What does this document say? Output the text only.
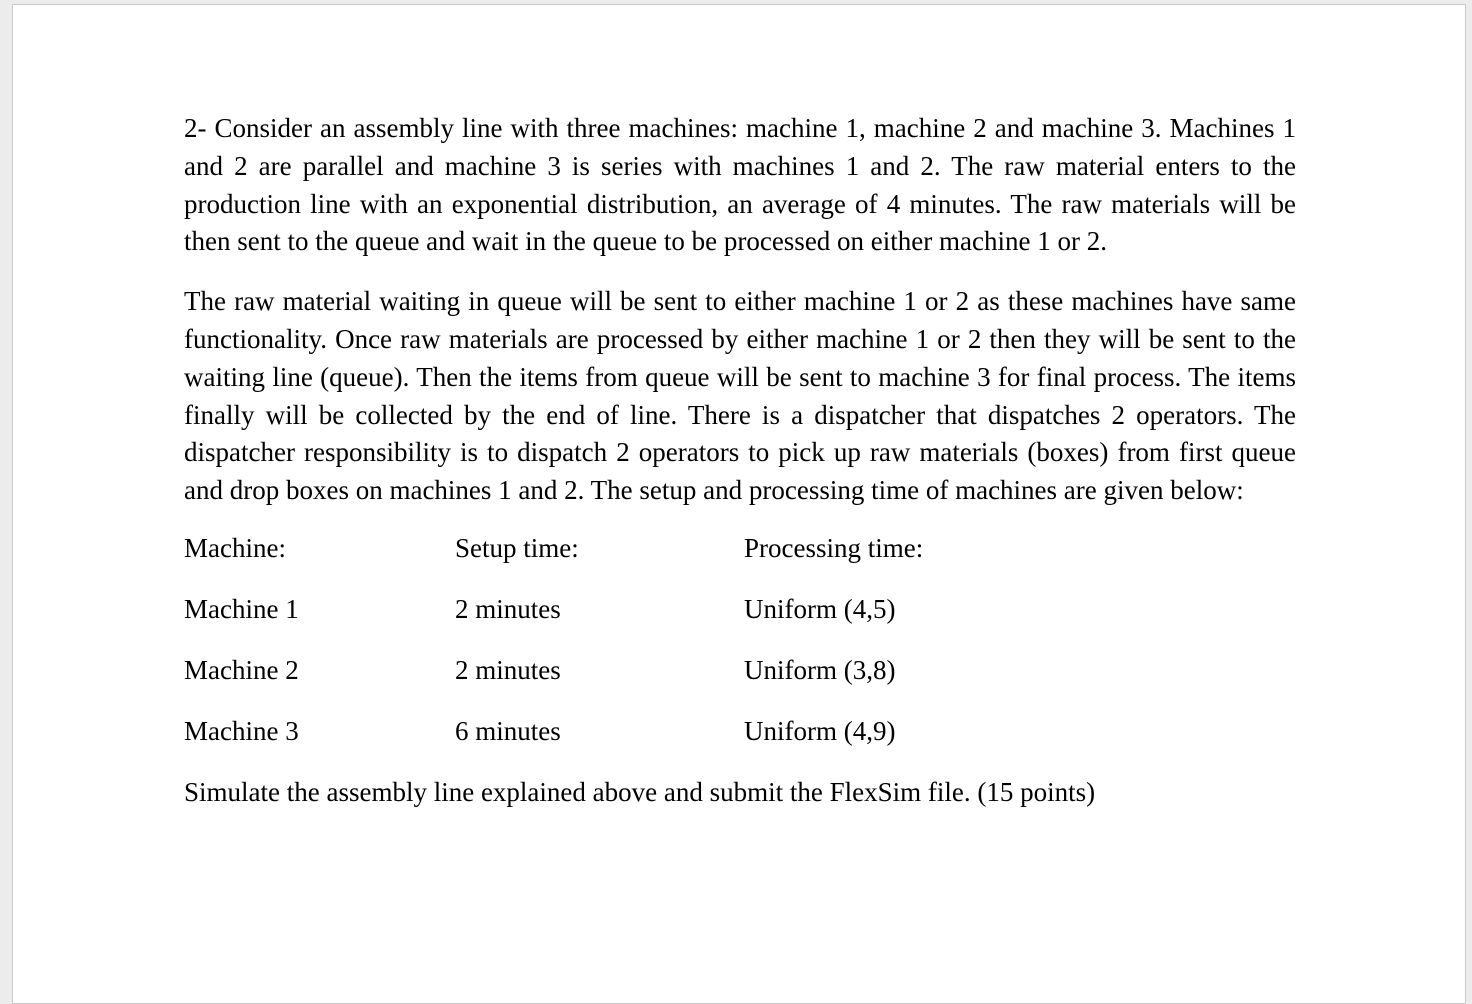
2- Consider an assembly line with three machines: machine 1, machine 2 and machine 3. Machines 1 and 2 are parallel and machine 3 is series with machines 1 and 2. The raw material enters to the production line with an exponential distribution, an average of 4 minutes. The raw materials will be then sent to the queue and wait in the queue to be processed on either machine 1 or 2.

The raw material waiting in queue will be sent to either machine 1 or 2 as these machines have same functionality. Once raw materials are processed by either machine 1 or 2 then they will be sent to the waiting line (queue). Then the items from queue will be sent to machine 3 for final process. The items finally will be collected by the end of line. There is a dispatcher that dispatches 2 operators. The dispatcher responsibility is to dispatch 2 operators to pick up raw materials (boxes) from first queue and drop boxes on machines 1 and 2. The setup and processing time of machines are given below:

Machine:	Setup time:	Processing time:
Machine 1	2 minutes	Uniform (4,5)
Machine 2	2 minutes	Uniform (3,8)
Machine 3	6 minutes	Uniform (4,9)

Simulate the assembly line explained above and submit the FlexSim file. (15 points)
